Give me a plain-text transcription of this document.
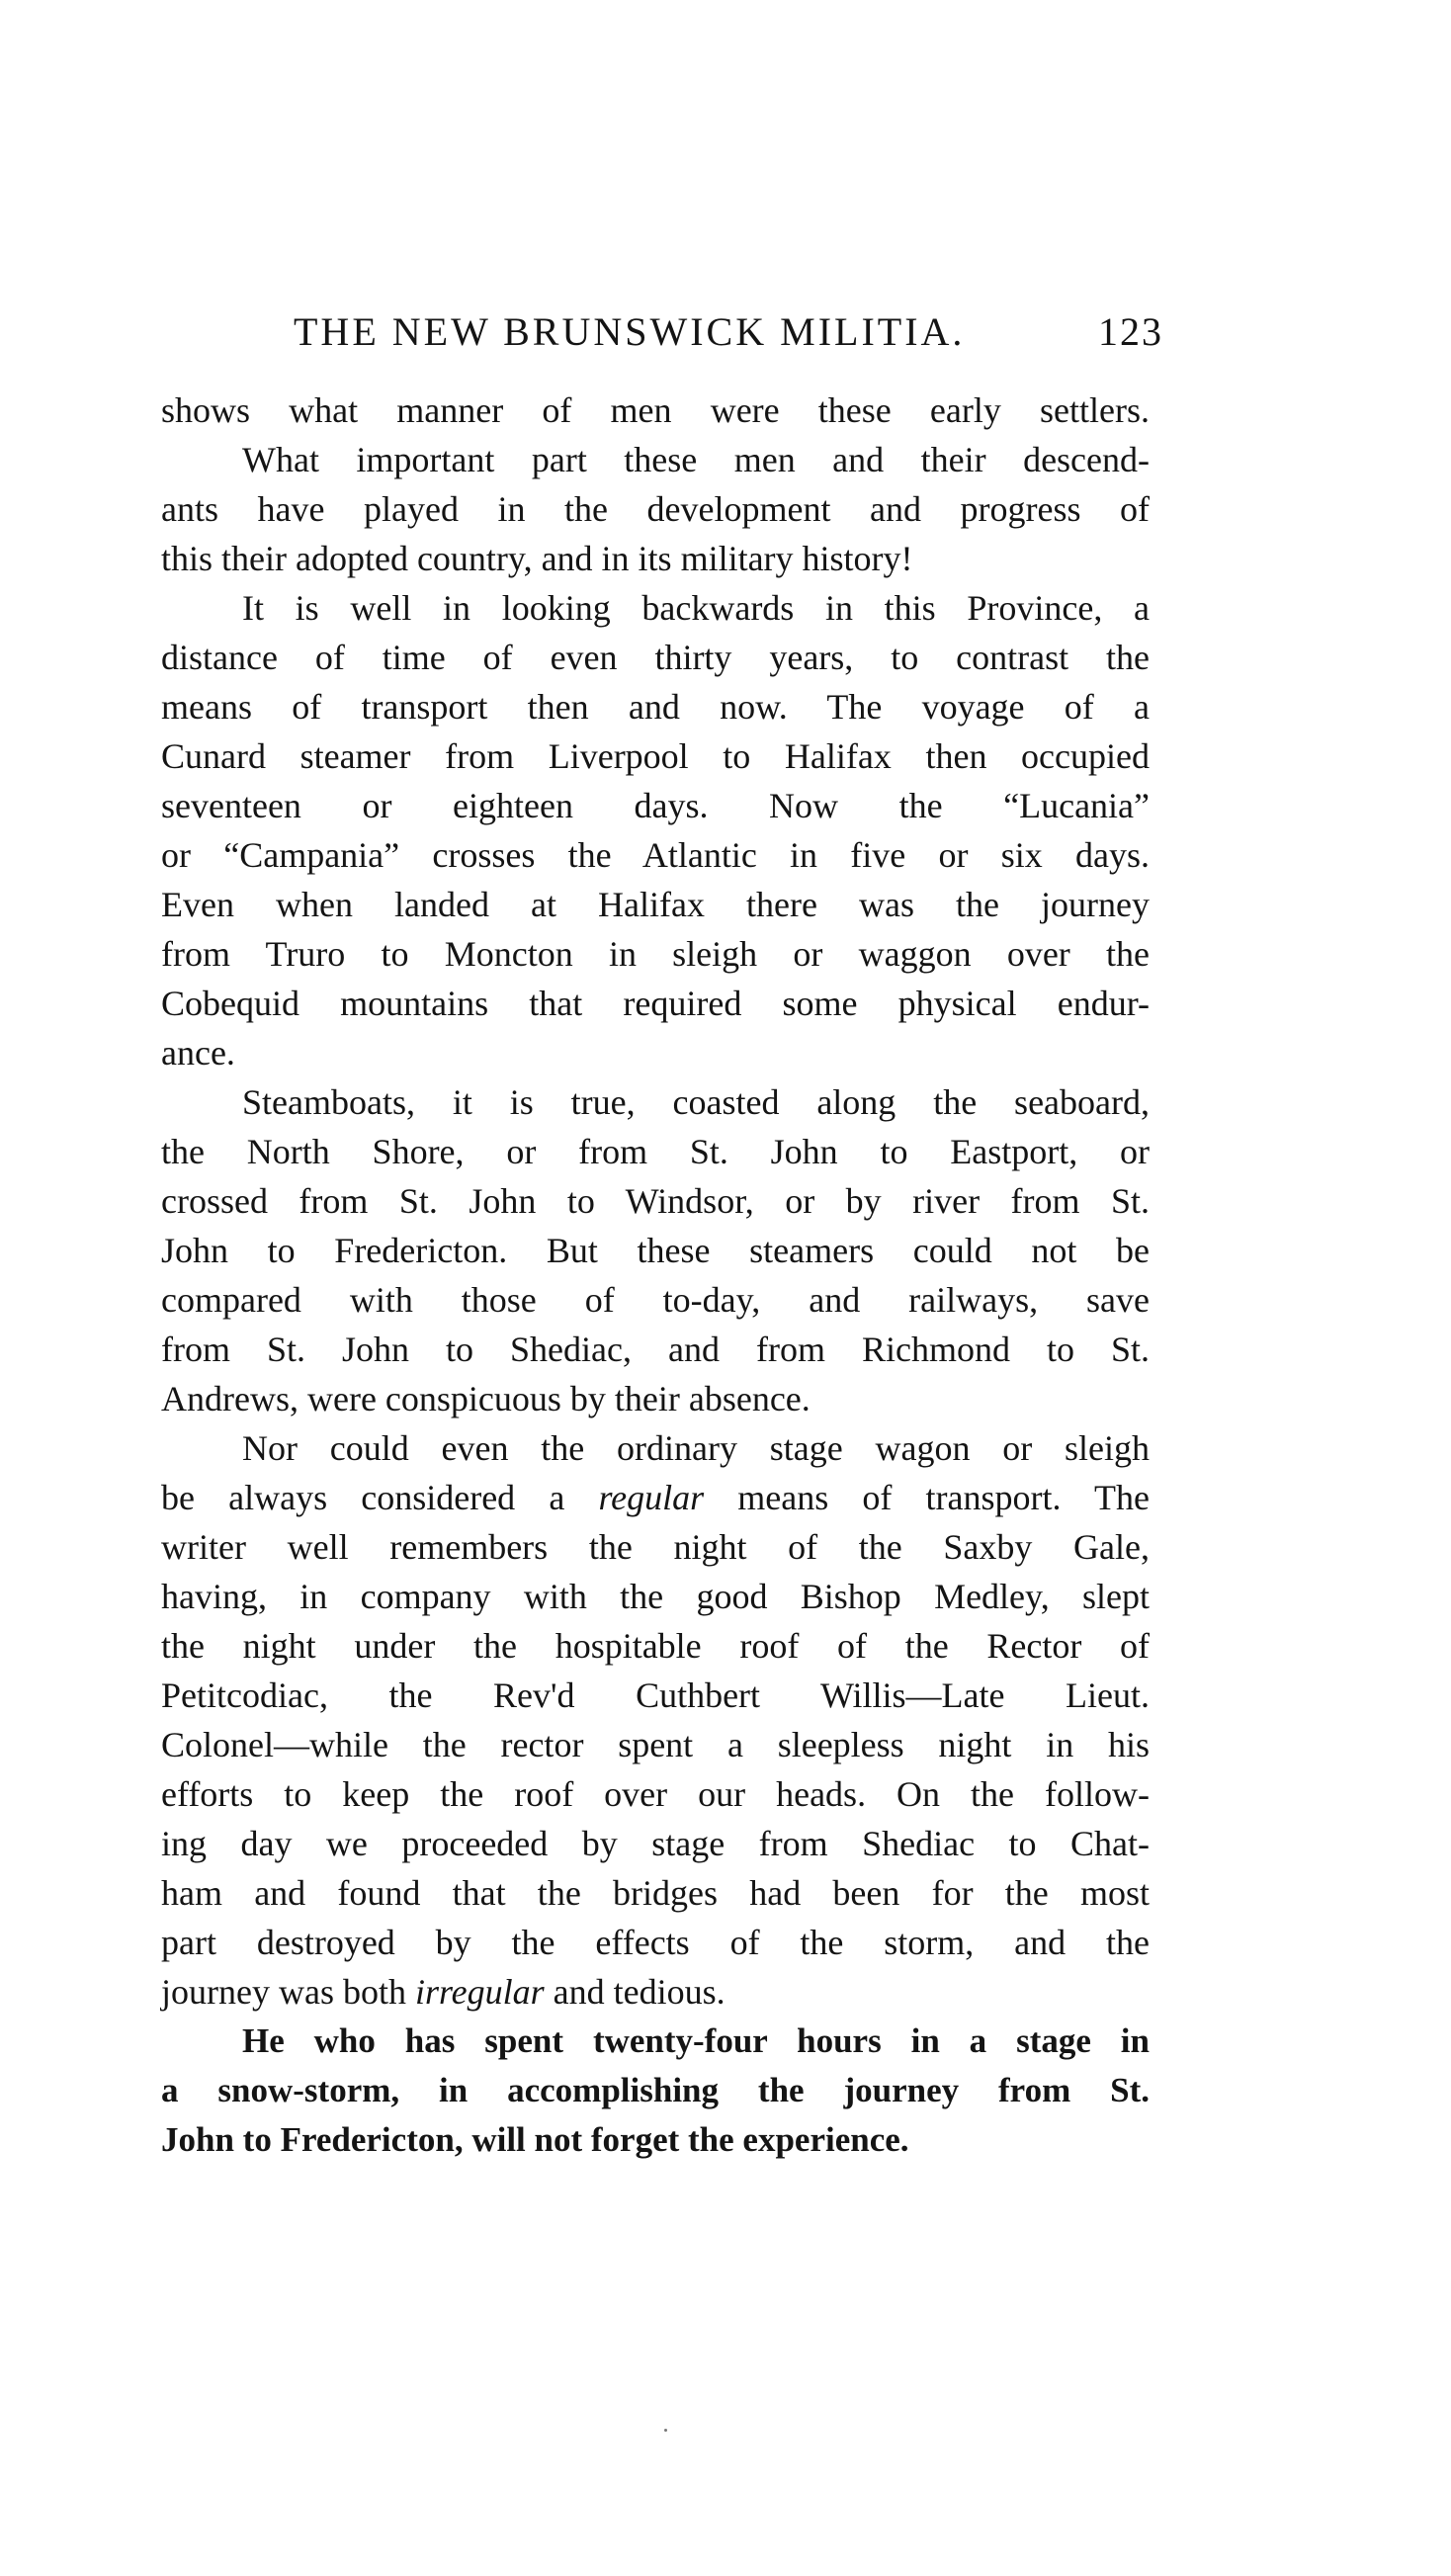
THE NEW BRUNSWICK MILITIA.	123
shows what manner of men were these early settlers.
What important part these men and their descend-
ants have played in the development and progress of
this their adopted country, and in its military history!
It is well in looking backwards in this Province, a
distance of time of even thirty years, to contrast the
means of transport then and now. The voyage of a
Cunard steamer from Liverpool to Halifax then occupied
seventeen or eighteen days. Now the “Lucania”
or “Campania” crosses the Atlantic in five or six days.
Even when landed at Halifax there was the journey
from Truro to Moncton in sleigh or waggon over the
Cobequid mountains that required some physical endur-
ance.
Steamboats, it is true, coasted along the seaboard,
the North Shore, or from St. John to Eastport, or
crossed from St. John to Windsor, or by river from St.
John to Fredericton. But these steamers could not be
compared with those of to-day, and railways, save
from St. John to Shediac, and from Richmond to St.
Andrews, were conspicuous by their absence.
Nor could even the ordinary stage wagon or sleigh
be always considered a regular means of transport. The
writer well remembers the night of the Saxby Gale,
having, in company with the good Bishop Medley, slept
the night under the hospitable roof of the Rector of
Petitcodiac, the Rev'd Cuthbert Willis—Late Lieut.
Colonel—while the rector spent a sleepless night in his
efforts to keep the roof over our heads. On the follow-
ing day we proceeded by stage from Shediac to Chat-
ham and found that the bridges had been for the most
part destroyed by the effects of the storm, and the
journey was both irregular and tedious.
He who has spent twenty-four hours in a stage in
a snow-storm, in accomplishing the journey from St.
John to Fredericton, will not forget the experience.
